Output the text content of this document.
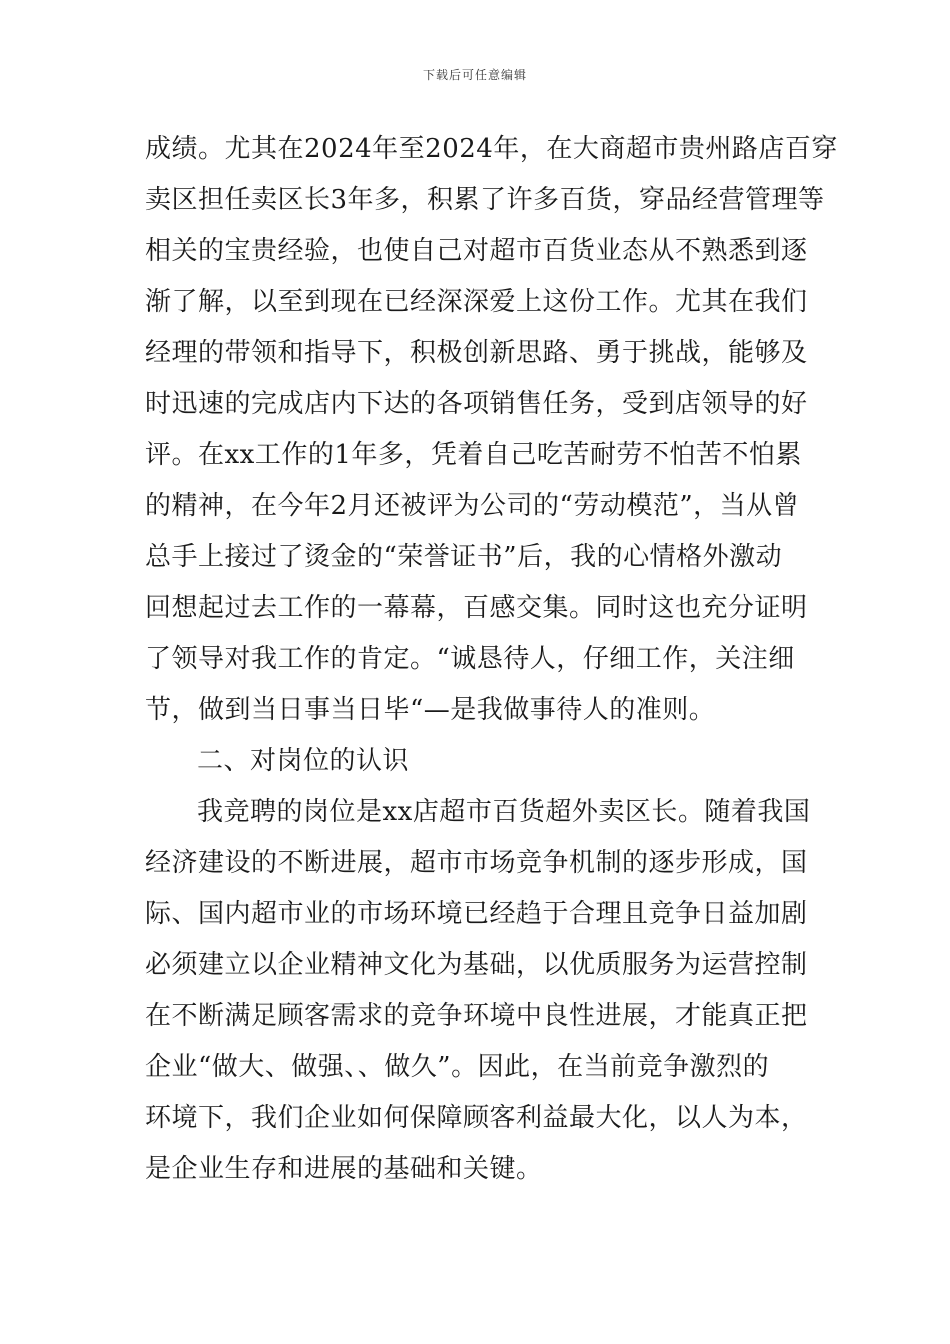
下载后可任意编辑
成绩。尤其在2024年至2024年，在大商超市贵州路店百穿
卖区担任卖区长3年多，积累了许多百货，穿品经营管理等
相关的宝贵经验，也使自己对超市百货业态从不熟悉到逐
渐了解，以至到现在已经深深爱上这份工作。尤其在我们
经理的带领和指导下，积极创新思路、勇于挑战，能够及
时迅速的完成店内下达的各项销售任务，受到店领导的好
评。在xx工作的1年多，凭着自己吃苦耐劳不怕苦不怕累
的精神，在今年2月还被评为公司的“劳动模范”，当从曾
总手上接过了烫金的“荣誉证书”后，我的心情格外激动
回想起过去工作的一幕幕，百感交集。同时这也充分证明
了领导对我工作的肯定。“诚恳待人，仔细工作，关注细
节，做到当日事当日毕“—是我做事待人的准则。
二、对岗位的认识
我竞聘的岗位是xx店超市百货超外卖区长。随着我国
经济建设的不断进展，超市市场竞争机制的逐步形成，国
际、国内超市业的市场环境已经趋于合理且竞争日益加剧
必须建立以企业精神文化为基础，以优质服务为运营控制
在不断满足顾客需求的竞争环境中良性进展，才能真正把
企业“做大、做强、、做久”。因此，在当前竞争激烈的
环境下，我们企业如何保障顾客利益最大化，以人为本，
是企业生存和进展的基础和关键。
